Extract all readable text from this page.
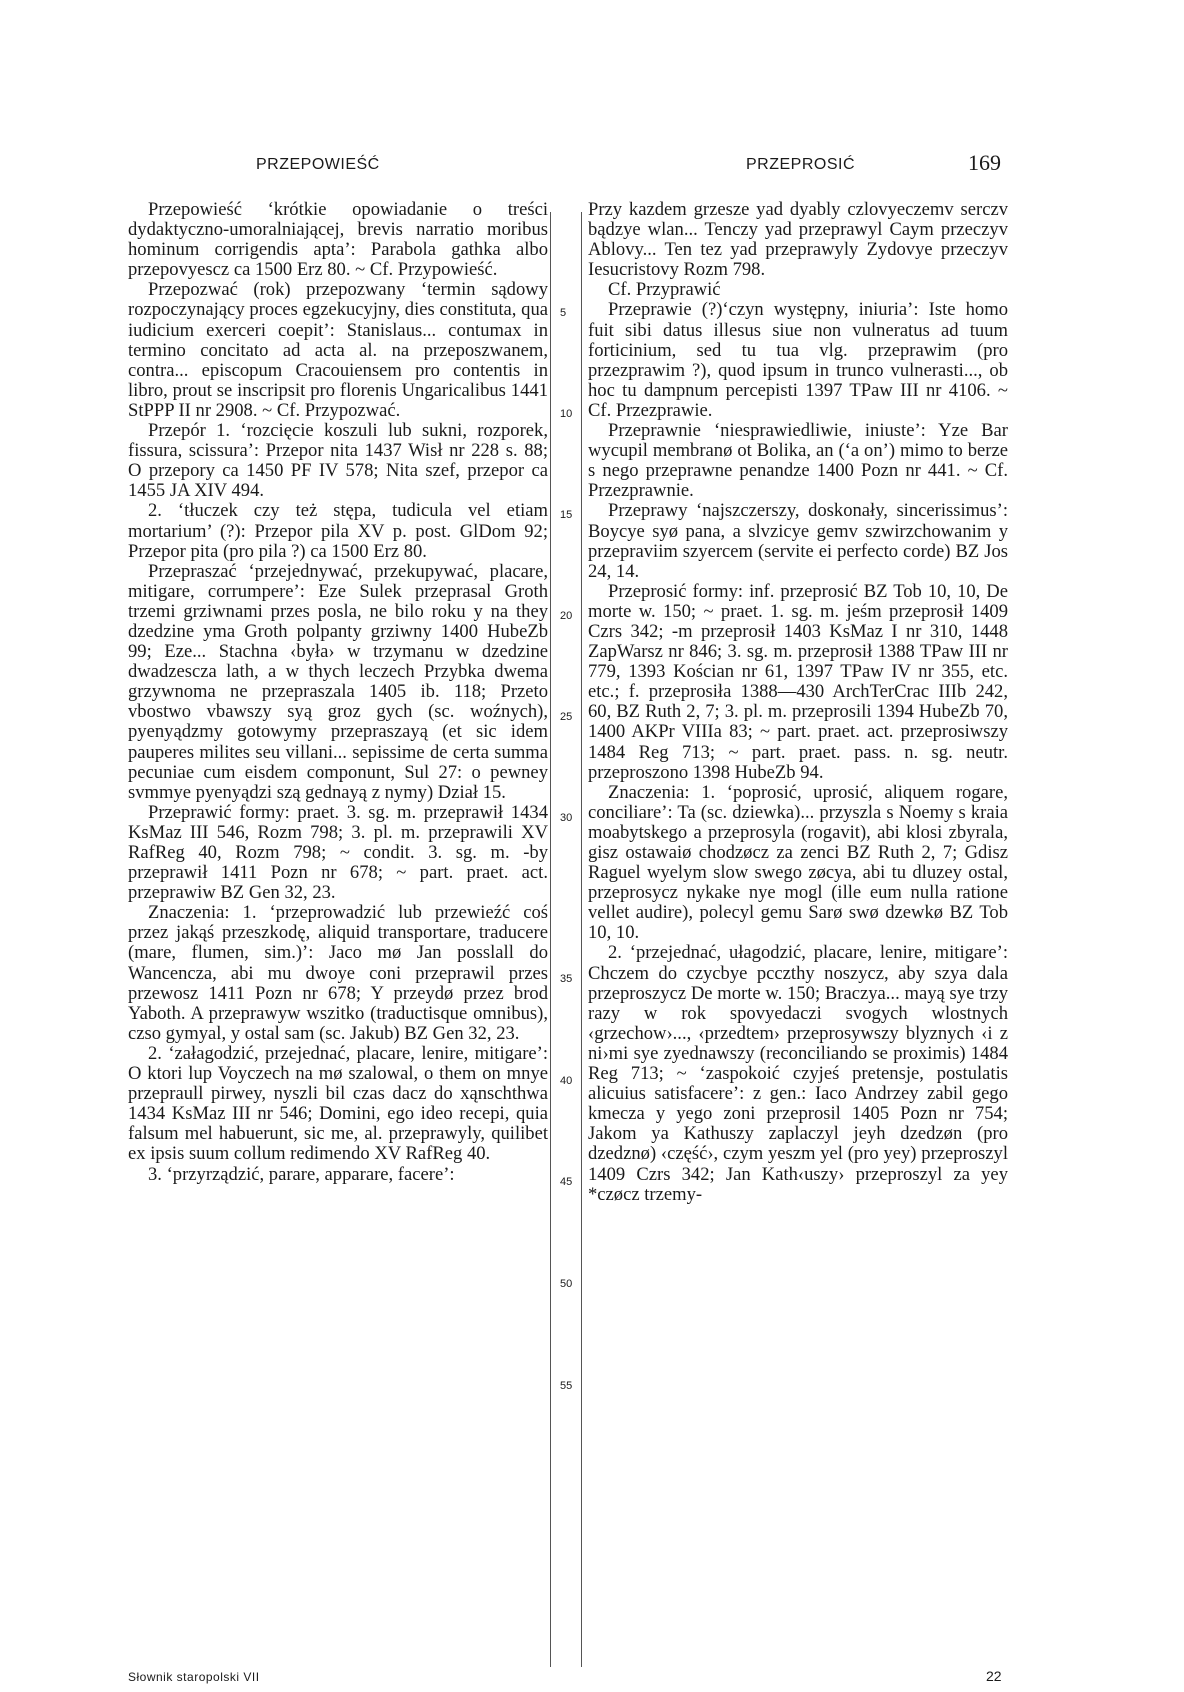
PRZEPOWIEŚĆ	PRZEPROSIĆ	169

Przepowieść ‘krótkie opowiadanie o treści dydaktyczno-umoralniającej, brevis narratio moribus hominum corrigendis apta’: Parabola gathka albo przepovyescz ca 1500 Erz 80. ~ Cf. Przypowieść.

Przepozwać (rok) przepozwany ‘termin sądowy rozpoczynający proces egzekucyjny, dies constituta, qua iudicium exerceri coepit’: Stanislaus... contumax in termino concitato ad acta al. na przeposzwanem, contra... episcopum Cracouiensem pro contentis in libro, prout se inscripsit pro florenis Ungaricalibus 1441 StPPP II nr 2908. ~ Cf. Przypozwać.

Przepór 1. ‘rozcięcie koszuli lub sukni, rozporek, fissura, scissura’: Przepor nita 1437 Wisł nr 228 s. 88; O przepory ca 1450 PF IV 578; Nita szef, przepor ca 1455 JA XIV 494.

2. ‘tłuczek czy też stępa, tudicula vel etiam mortarium’ (?): Przepor pila XV p. post. GlDom 92; Przepor pita (pro pila ?) ca 1500 Erz 80.

Przepraszać ‘przejednywać, przekupywać, placare, mitigare, corrumpere’: Eze Sulek przeprasal Groth trzemi grziwnami przes posla, ne bilo roku y na they dzedzine yma Groth polpanty grziwny 1400 HubeZb 99; Eze... Stachna ‹była› w trzymanu w dzedzine dwadzescza lath, a w thych leczech Przybka dwema grzywnoma ne przepraszala 1405 ib. 118; Przeto vbostwo vbawszy syą groz gych (sc. woźnych), pyenyądzmy gotowymy przepraszayą (et sic idem pauperes milites seu villani... sepissime de certa summa pecuniae cum eisdem componunt, Sul 27: o pewney svmmye pyenyądzi szą gednayą z nymy) Dział 15.

Przeprawić formy: praet. 3. sg. m. przeprawił 1434 KsMaz III 546, Rozm 798; 3. pl. m. przeprawili XV RafReg 40, Rozm 798; ~ condit. 3. sg. m. -by przeprawił 1411 Pozn nr 678; ~ part. praet. act. przeprawiw BZ Gen 32, 23.

Znaczenia: 1. ‘przeprowadzić lub przewieźć coś przez jakąś przeszkodę, aliquid transportare, traducere (mare, flumen, sim.)’: Jaco mø Jan posslall do Wancencza, abi mu dwoye coni przeprawil przes przewosz 1411 Pozn nr 678; Y przeydø przez brod Yaboth. A przeprawyw wszitko (traductisque omnibus), czso gymyal, y ostal sam (sc. Jakub) BZ Gen 32, 23.

2. ‘załagodzić, przejednać, placare, lenire, mitigare’: O ktori lup Voyczech na mø szalowal, o them on mnye przepraull pirwey, nyszli bil czas dacz do xąnschthwa 1434 KsMaz III nr 546; Domini, ego ideo recepi, quia falsum mel habuerunt, sic me, al. przeprawyly, quilibet ex ipsis suum collum redimendo XV RafReg 40.

3. ‘przyrządzić, parare, apparare, facere’:

5
10
15
20
25
30
35
40
45
50
55

Przy kazdem grzesze yad dyably czlovyeczemv serczv bądzye wlan... Tenczy yad przeprawyl Caym przeczyv Ablovy... Ten tez yad przeprawyly Zydovye przeczyv Iesucristovy Rozm 798.

Cf. Przyprawić

Przeprawie (?)‘czyn występny, iniuria’: Iste homo fuit sibi datus illesus siue non vulneratus ad tuum forticinium, sed tu tua vlg. przeprawim (pro przezprawim ?), quod ipsum in trunco vulnerasti..., ob hoc tu dampnum percepisti 1397 TPaw III nr 4106. ~ Cf. Przezprawie.

Przeprawnie ‘niesprawiedliwie, iniuste’: Yze Bar wycupil membranø ot Bolika, an (‘a on’) mimo to berze s nego przeprawne penandze 1400 Pozn nr 441. ~ Cf. Przezprawnie.

Przeprawy ‘najszczerszy, doskonały, sincerissimus’: Boycye syø pana, a slvzicye gemv szwirzchowanim y przepraviim szyercem (servite ei perfecto corde) BZ Jos 24, 14.

Przeprosić formy: inf. przeprosić BZ Tob 10, 10, De morte w. 150; ~ praet. 1. sg. m. jeśm przeprosił 1409 Czrs 342; -m przeprosił 1403 KsMaz I nr 310, 1448 ZapWarsz nr 846; 3. sg. m. przeprosił 1388 TPaw III nr 779, 1393 Kościan nr 61, 1397 TPaw IV nr 355, etc. etc.; f. przeprosiła 1388—430 ArchTerCrac IIIb 242, 60, BZ Ruth 2, 7; 3. pl. m. przeprosili 1394 HubeZb 70, 1400 AKPr VIIIa 83; ~ part. praet. act. przeprosiwszy 1484 Reg 713; ~ part. praet. pass. n. sg. neutr. przeproszono 1398 HubeZb 94.

Znaczenia: 1. ‘poprosić, uprosić, aliquem rogare, conciliare’: Ta (sc. dziewka)... przyszla s Noemy s kraia moabytskego a przeprosyla (rogavit), abi klosi zbyrala, gisz ostawaiø chodzøcz za zenci BZ Ruth 2, 7; Gdisz Raguel wyelym slow swego zøcya, abi tu dluzey ostal, przeprosycz nykake nye mogl (ille eum nulla ratione vellet audire), polecyl gemu Sarø swø dzewkø BZ Tob 10, 10.

2. ‘przejednać, ułagodzić, placare, lenire, mitigare’: Chczem do czycbye pcczthy noszycz, aby szya dala przeproszycz De morte w. 150; Braczya... mayą sye trzy razy w rok spovyedaczi svogych wlostnych ‹grzechow›..., ‹przedtem› przeprosywszy blyznych ‹i z ni›mi sye zyednawszy (reconciliando se proximis) 1484 Reg 713; ~ ‘zaspokoić czyjeś pretensje, postulatis alicuius satisfacere’: z gen.: Iaco Andrzey zabil gego kmecza y yego zoni przeprosil 1405 Pozn nr 754; Jakom ya Kathuszy zaplaczyl jeyh dzedzøn (pro dzedznø) ‹część›, czym yeszm yel (pro yey) przeproszyl 1409 Czrs 342; Jan Kath‹uszy› przeproszyl za yey *czøcz trzemy-

Słownik staropolski VII	22
